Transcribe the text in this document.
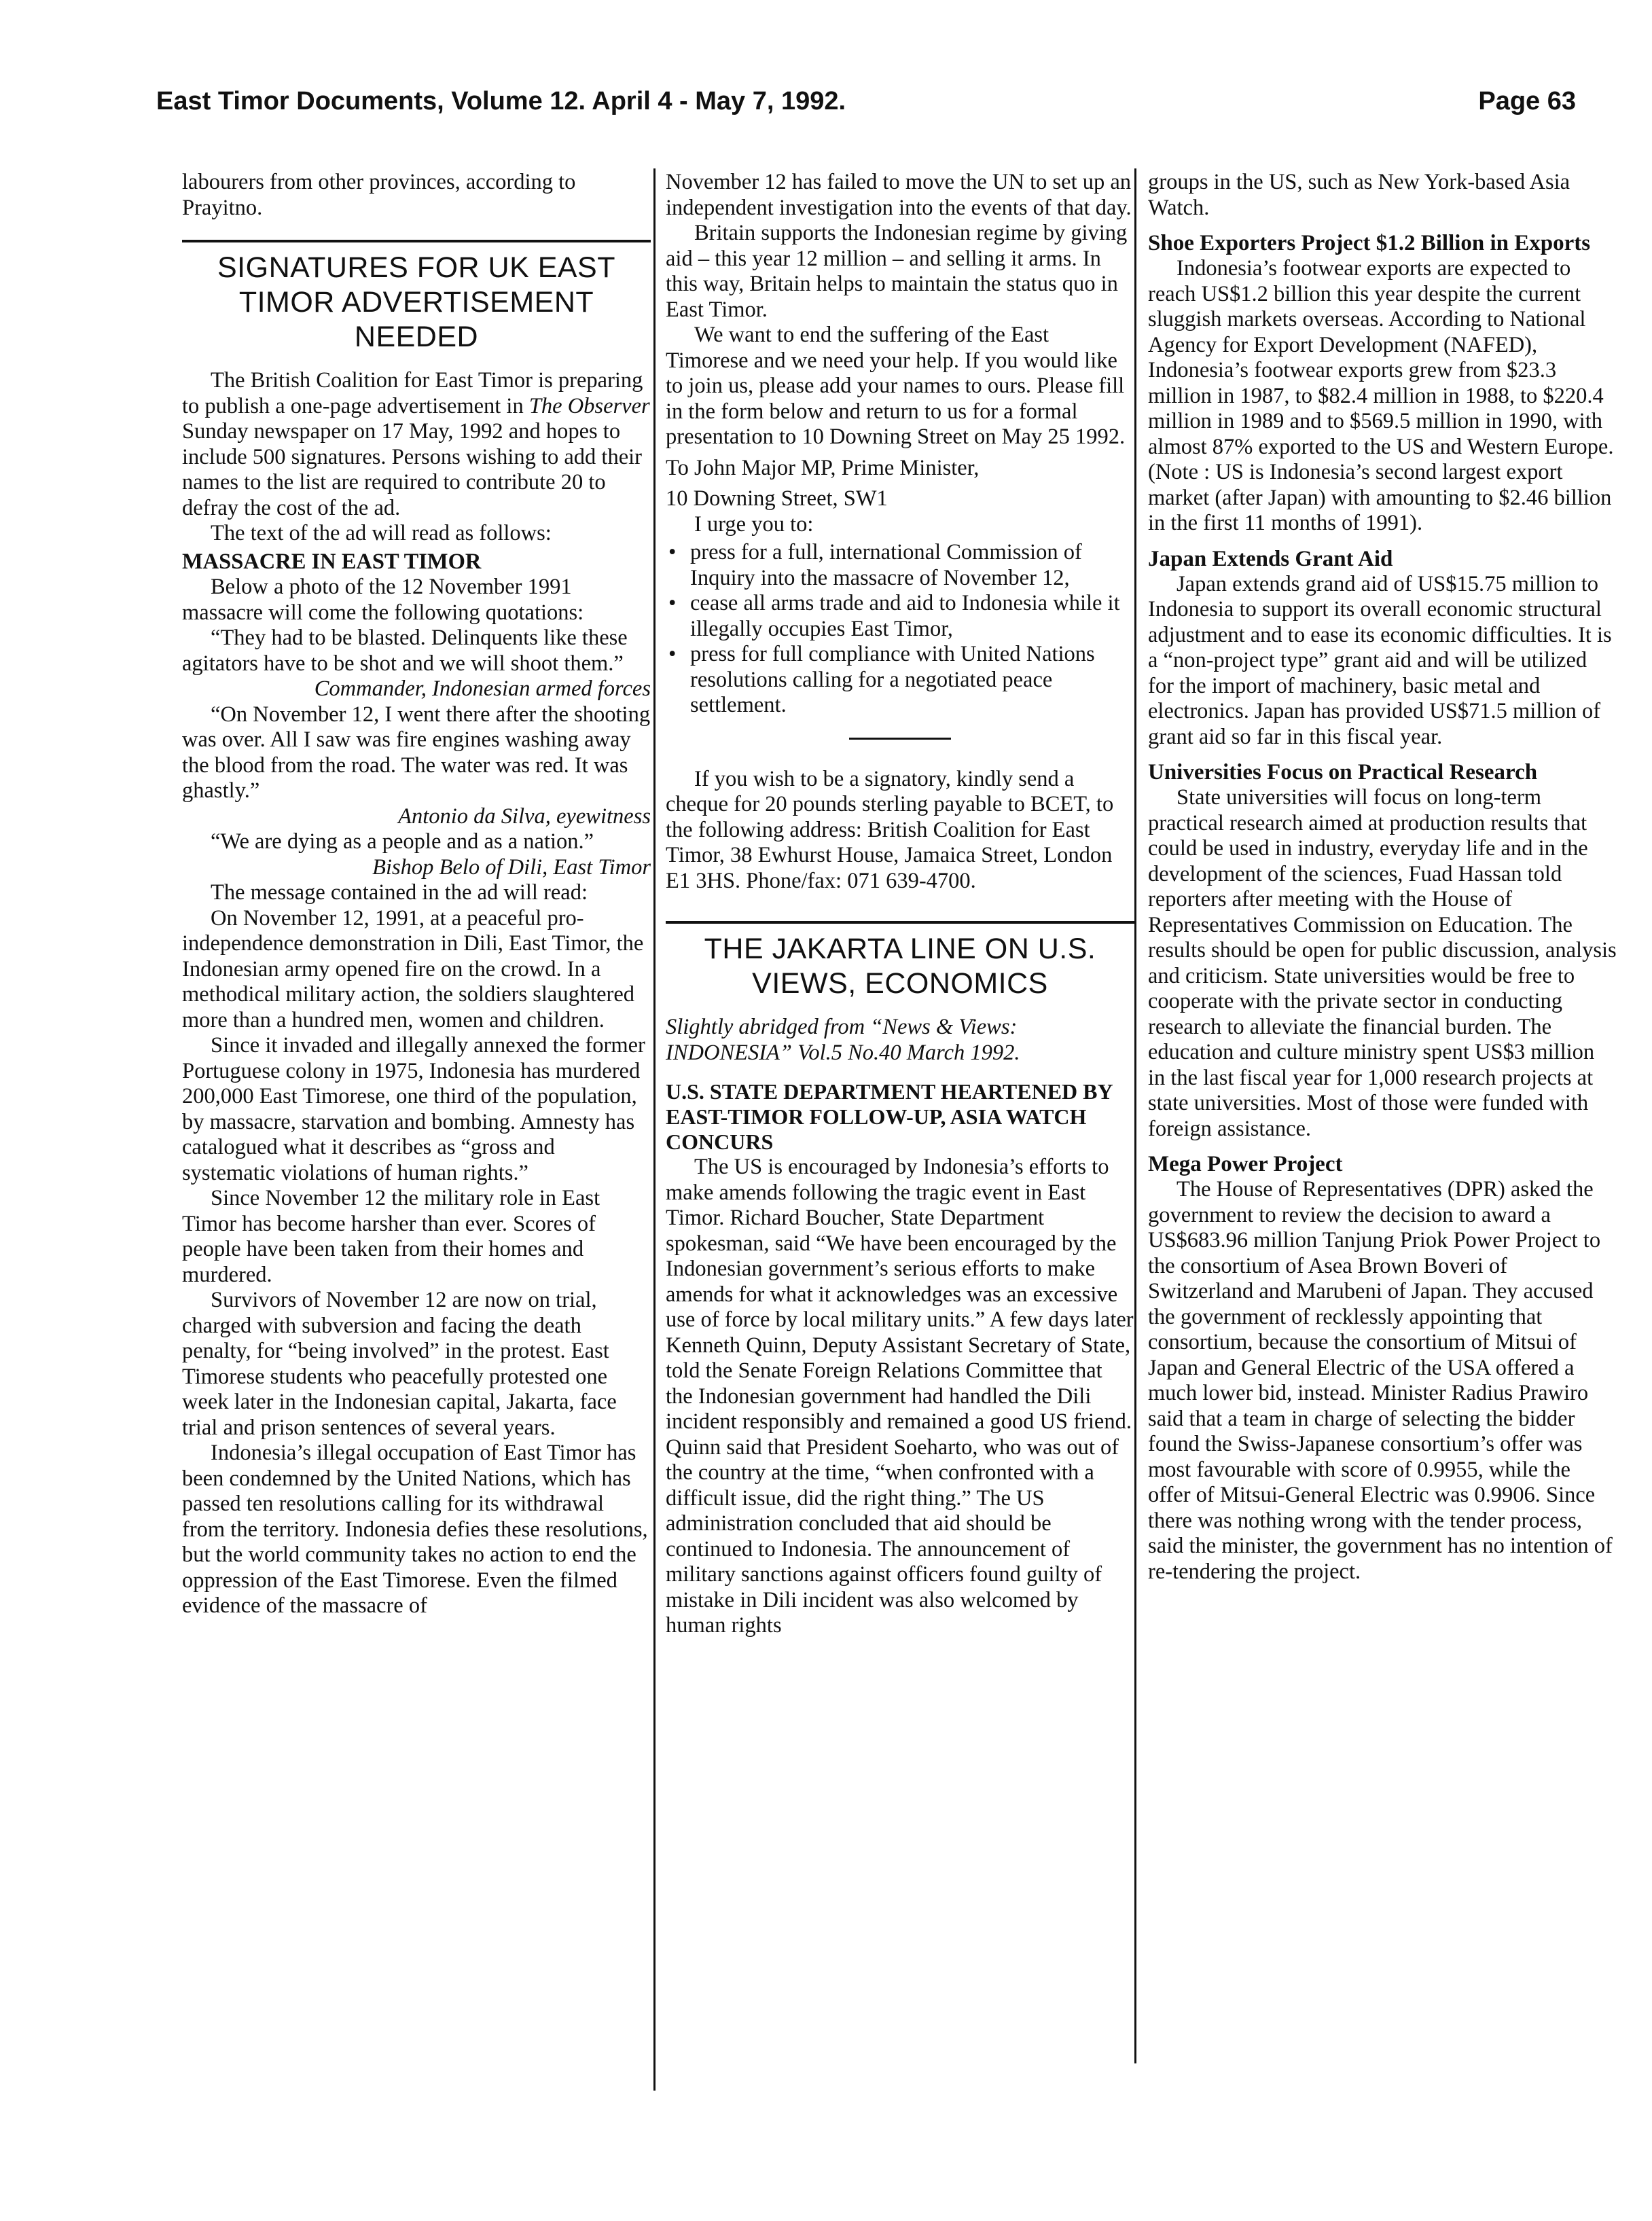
East Timor Documents, Volume 12. April 4 - May 7, 1992.	Page 63

labourers from other provinces, according to Prayitno.

SIGNATURES FOR UK EAST TIMOR ADVERTISEMENT NEEDED

The British Coalition for East Timor is preparing to publish a one-page advertisement in The Observer Sunday newspaper on 17 May, 1992 and hopes to include 500 signatures. Persons wishing to add their names to the list are required to contribute 20 to defray the cost of the ad.

The text of the ad will read as follows:

MASSACRE IN EAST TIMOR

Below a photo of the 12 November 1991 massacre will come the following quotations:

“They had to be blasted. Delinquents like these agitators have to be shot and we will shoot them.”

Commander, Indonesian armed forces

“On November 12, I went there after the shooting was over. All I saw was fire engines washing away the blood from the road. The water was red. It was ghastly.”

Antonio da Silva, eyewitness

“We are dying as a people and as a nation.”

Bishop Belo of Dili, East Timor

The message contained in the ad will read:

On November 12, 1991, at a peaceful pro-independence demonstration in Dili, East Timor, the Indonesian army opened fire on the crowd. In a methodical military action, the soldiers slaughtered more than a hundred men, women and children.

Since it invaded and illegally annexed the former Portuguese colony in 1975, Indonesia has murdered 200,000 East Timorese, one third of the population, by massacre, starvation and bombing. Amnesty has catalogued what it describes as “gross and systematic violations of human rights.”

Since November 12 the military role in East Timor has become harsher than ever. Scores of people have been taken from their homes and murdered.

Survivors of November 12 are now on trial, charged with subversion and facing the death penalty, for “being involved” in the protest. East Timorese students who peacefully protested one week later in the Indonesian capital, Jakarta, face trial and prison sentences of several years.

Indonesia’s illegal occupation of East Timor has been condemned by the United Nations, which has passed ten resolutions calling for its withdrawal from the territory. Indonesia defies these resolutions, but the world community takes no action to end the oppression of the East Timorese. Even the filmed evidence of the massacre of

November 12 has failed to move the UN to set up an independent investigation into the events of that day.

Britain supports the Indonesian regime by giving aid – this year 12 million – and selling it arms. In this way, Britain helps to maintain the status quo in East Timor.

We want to end the suffering of the East Timorese and we need your help. If you would like to join us, please add your names to ours. Please fill in the form below and return to us for a formal presentation to 10 Downing Street on May 25 1992.

To John Major MP, Prime Minister,

10 Downing Street, SW1

I urge you to:

• press for a full, international Commission of Inquiry into the massacre of November 12,
• cease all arms trade and aid to Indonesia while it illegally occupies East Timor,
• press for full compliance with United Nations resolutions calling for a negotiated peace settlement.

If you wish to be a signatory, kindly send a cheque for 20 pounds sterling payable to BCET, to the following address: British Coalition for East Timor, 38 Ewhurst House, Jamaica Street, London E1 3HS. Phone/fax: 071 639-4700.

THE JAKARTA LINE ON U.S. VIEWS, ECONOMICS

Slightly abridged from “News & Views: INDONESIA” Vol.5 No.40 March 1992.

U.S. STATE DEPARTMENT HEARTENED BY EAST-TIMOR FOLLOW-UP, ASIA WATCH CONCURS

The US is encouraged by Indonesia’s efforts to make amends following the tragic event in East Timor. Richard Boucher, State Department spokesman, said “We have been encouraged by the Indonesian government’s serious efforts to make amends for what it acknowledges was an excessive use of force by local military units.” A few days later Kenneth Quinn, Deputy Assistant Secretary of State, told the Senate Foreign Relations Committee that the Indonesian government had handled the Dili incident responsibly and remained a good US friend. Quinn said that President Soeharto, who was out of the country at the time, “when confronted with a difficult issue, did the right thing.” The US administration concluded that aid should be continued to Indonesia. The announcement of military sanctions against officers found guilty of mistake in Dili incident was also welcomed by human rights

groups in the US, such as New York-based Asia Watch.

Shoe Exporters Project $1.2 Billion in Exports

Indonesia’s footwear exports are expected to reach US$1.2 billion this year despite the current sluggish markets overseas. According to National Agency for Export Development (NAFED), Indonesia’s footwear exports grew from $23.3 million in 1987, to $82.4 million in 1988, to $220.4 million in 1989 and to $569.5 million in 1990, with almost 87% exported to the US and Western Europe. (Note : US is Indonesia’s second largest export market (after Japan) with amounting to $2.46 billion in the first 11 months of 1991).

Japan Extends Grant Aid

Japan extends grand aid of US$15.75 million to Indonesia to support its overall economic structural adjustment and to ease its economic difficulties. It is a “non-project type” grant aid and will be utilized for the import of machinery, basic metal and electronics. Japan has provided US$71.5 million of grant aid so far in this fiscal year.

Universities Focus on Practical Research

State universities will focus on long-term practical research aimed at production results that could be used in industry, everyday life and in the development of the sciences, Fuad Hassan told reporters after meeting with the House of Representatives Commission on Education. The results should be open for public discussion, analysis and criticism. State universities would be free to cooperate with the private sector in conducting research to alleviate the financial burden. The education and culture ministry spent US$3 million in the last fiscal year for 1,000 research projects at state universities. Most of those were funded with foreign assistance.

Mega Power Project

The House of Representatives (DPR) asked the government to review the decision to award a US$683.96 million Tanjung Priok Power Project to the consortium of Asea Brown Boveri of Switzerland and Marubeni of Japan. They accused the government of recklessly appointing that consortium, because the consortium of Mitsui of Japan and General Electric of the USA offered a much lower bid, instead. Minister Radius Prawiro said that a team in charge of selecting the bidder found the Swiss-Japanese consortium’s offer was most favourable with score of 0.9955, while the offer of Mitsui-General Electric was 0.9906. Since there was nothing wrong with the tender process, said the minister, the government has no intention of re-tendering the project.
